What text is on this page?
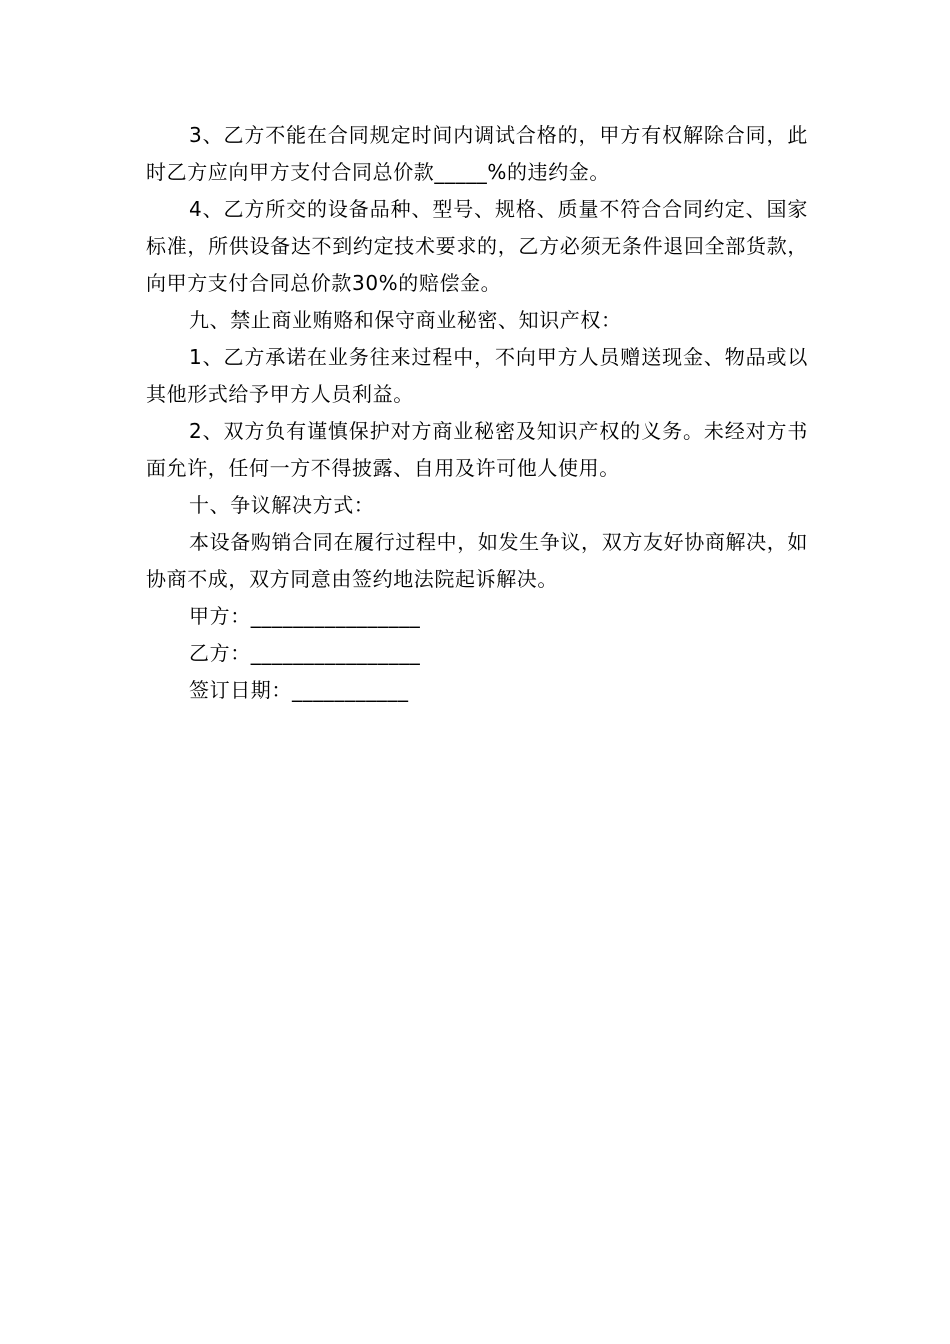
3、乙方不能在合同规定时间内调试合格的，甲方有权解除合同，此时乙方应向甲方支付合同总价款_____%的违约金。

4、乙方所交的设备品种、型号、规格、质量不符合合同约定、国家标准，所供设备达不到约定技术要求的，乙方必须无条件退回全部货款，向甲方支付合同总价款30%的赔偿金。

九、禁止商业贿赂和保守商业秘密、知识产权：

1、乙方承诺在业务往来过程中，不向甲方人员赠送现金、物品或以其他形式给予甲方人员利益。

2、双方负有谨慎保护对方商业秘密及知识产权的义务。未经对方书面允许，任何一方不得披露、自用及许可他人使用。

十、争议解决方式：

本设备购销合同在履行过程中，如发生争议，双方友好协商解决，如协商不成，双方同意由签约地法院起诉解决。

甲方：________________

乙方：________________

签订日期：___________
